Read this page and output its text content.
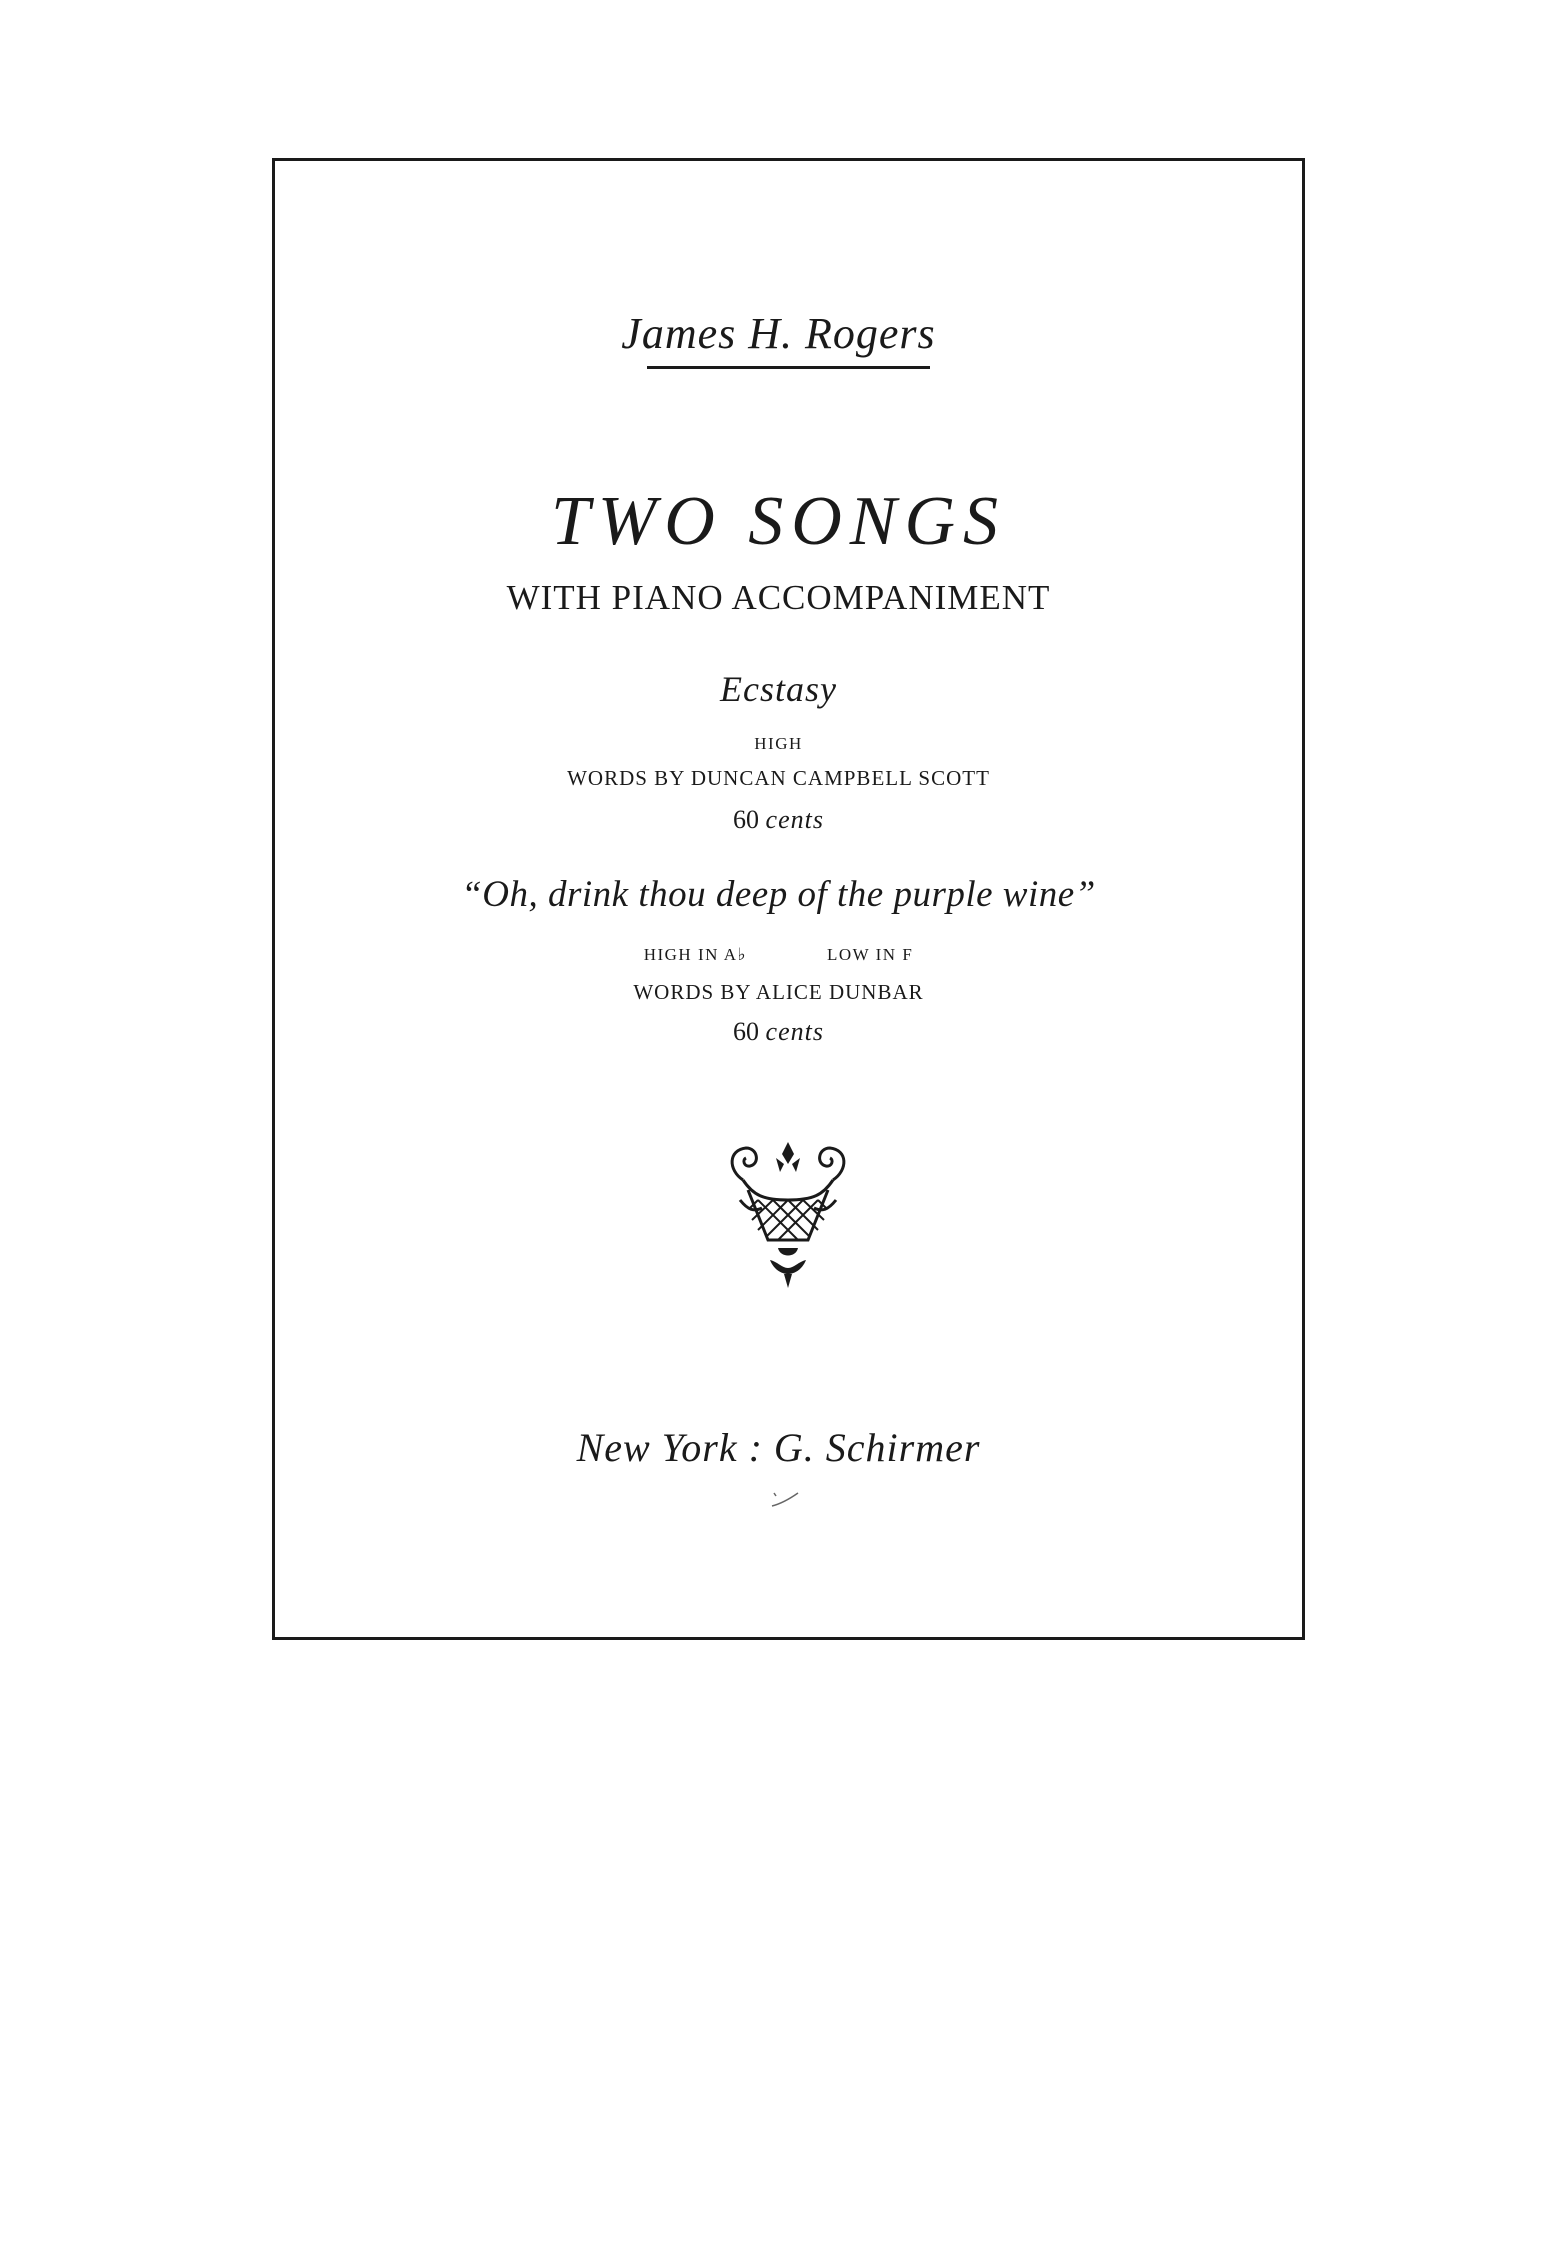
James H. Rogers
TWO SONGS
WITH PIANO ACCOMPANIMENT
Ecstasy
HIGH
WORDS BY DUNCAN CAMPBELL SCOTT
60 cents
“Oh, drink thou deep of the purple wine”
HIGH IN A♭	LOW IN F
WORDS BY ALICE DUNBAR
60 cents
New York : G. Schirmer
